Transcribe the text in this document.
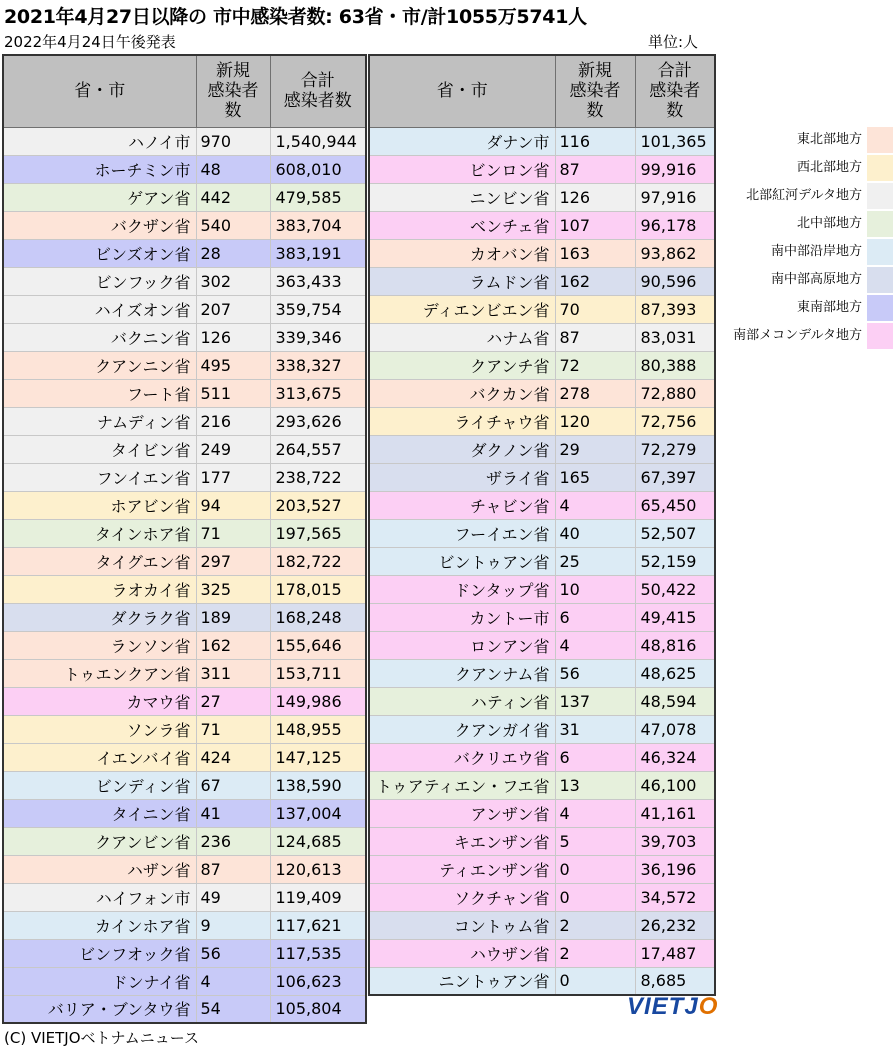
2021年4月27日以降の 市中感染者数: 63省・市/計1055万5741人
2022年4月24日午後発表	単位:人
省・市	新規
感染者
数	合計
感染者数
ハノイ市	970	1,540,944
ホーチミン市	48	608,010
ゲアン省	442	479,585
バクザン省	540	383,704
ビンズオン省	28	383,191
ビンフック省	302	363,433
ハイズオン省	207	359,754
バクニン省	126	339,346
クアンニン省	495	338,327
フート省	511	313,675
ナムディン省	216	293,626
タイビン省	249	264,557
フンイエン省	177	238,722
ホアビン省	94	203,527
タインホア省	71	197,565
タイグエン省	297	182,722
ラオカイ省	325	178,015
ダクラク省	189	168,248
ランソン省	162	155,646
トゥエンクアン省	311	153,711
カマウ省	27	149,986
ソンラ省	71	148,955
イエンバイ省	424	147,125
ビンディン省	67	138,590
タイニン省	41	137,004
クアンビン省	236	124,685
ハザン省	87	120,613
ハイフォン市	49	119,409
カインホア省	9	117,621
ビンフオック省	56	117,535
ドンナイ省	4	106,623
バリア・ブンタウ省	54	105,804
省・市	新規
感染者
数	合計
感染者
数
ダナン市	116	101,365
ビンロン省	87	99,916
ニンビン省	126	97,916
ベンチェ省	107	96,178
カオバン省	163	93,862
ラムドン省	162	90,596
ディエンビエン省	70	87,393
ハナム省	87	83,031
クアンチ省	72	80,388
バクカン省	278	72,880
ライチャウ省	120	72,756
ダクノン省	29	72,279
ザライ省	165	67,397
チャビン省	4	65,450
フーイエン省	40	52,507
ビントゥアン省	25	52,159
ドンタップ省	10	50,422
カントー市	6	49,415
ロンアン省	4	48,816
クアンナム省	56	48,625
ハティン省	137	48,594
クアンガイ省	31	47,078
バクリエウ省	6	46,324
トゥアティエン・フエ省	13	46,100
アンザン省	4	41,161
キエンザン省	5	39,703
ティエンザン省	0	36,196
ソクチャン省	0	34,572
コントゥム省	2	26,232
ハウザン省	2	17,487
ニントゥアン省	0	8,685
東北部地方
西北部地方
北部紅河デルタ地方
北中部地方
南中部沿岸地方
南中部高原地方
東南部地方
南部メコンデルタ地方
VIETJO
(C) VIETJOベトナムニュース
